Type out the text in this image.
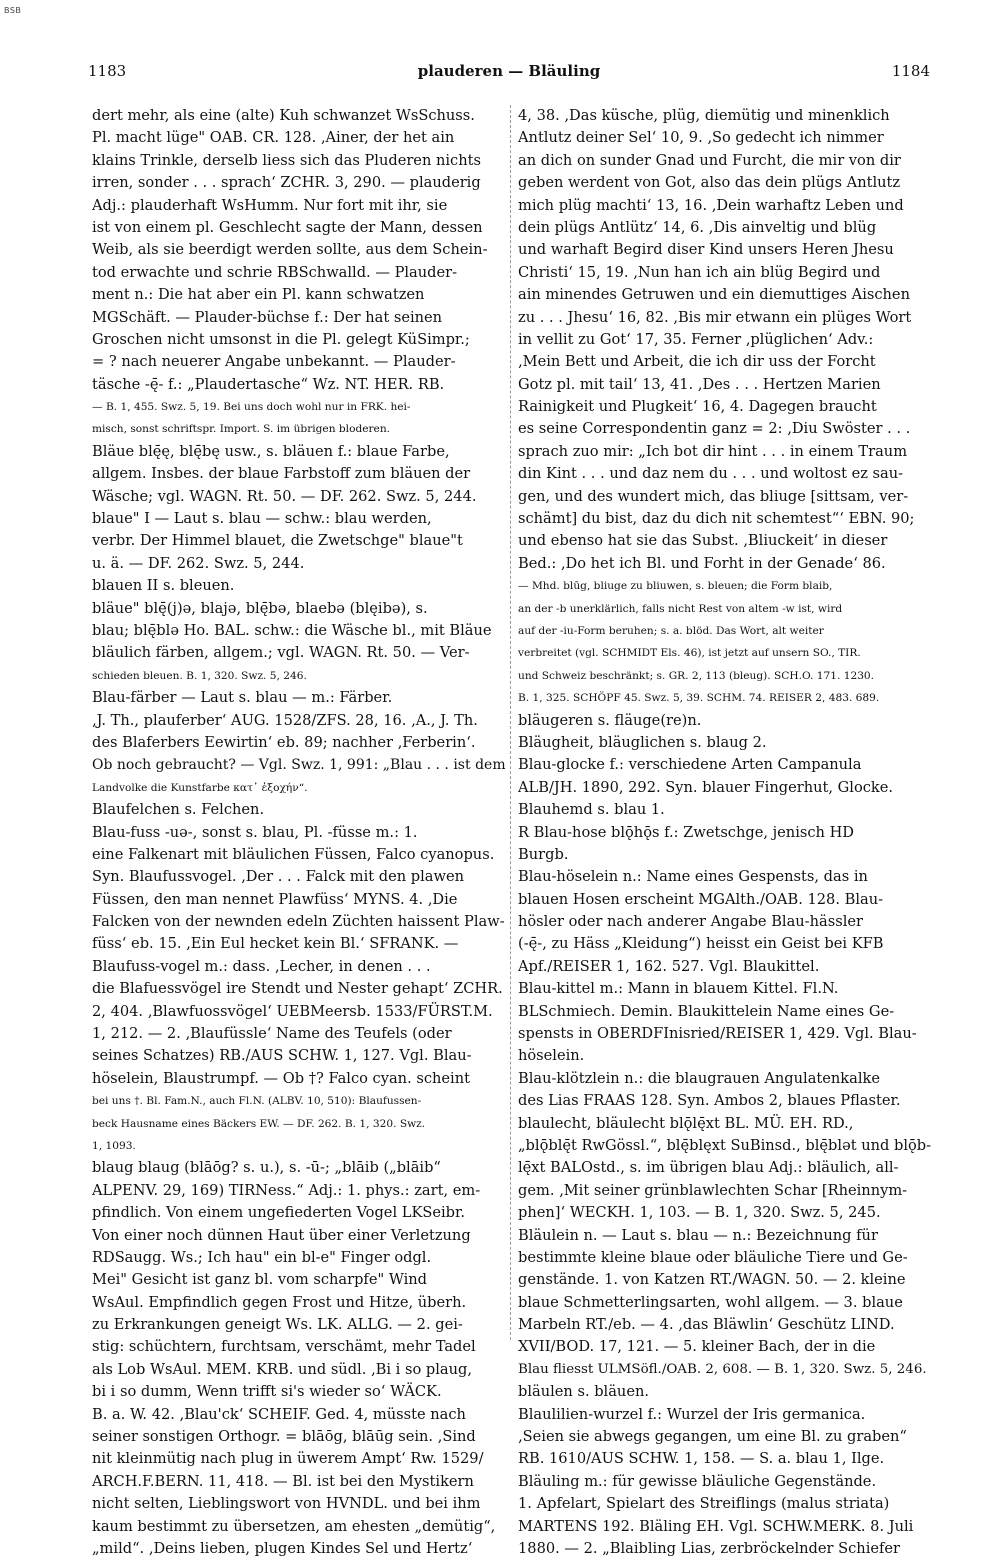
BSB
1183	plauderen — Bläuling	1184
dert mehr, als eine (alte) Kuh schwanzet WsSchuss.
Pl. macht lüge" OAB. CR. 128. ‚Ainer, der het ain
klains Trinkle, derselb liess sich das Pluderen nichts
irren, sonder . . . sprach‘ ZCHR. 3, 290. — plauderig
Adj.: plauderhaft WsHumm. Nur fort mit ihr, sie
ist von einem pl. Geschlecht sagte der Mann, dessen
Weib, als sie beerdigt werden sollte, aus dem Schein-
tod erwachte und schrie RBSchwalld. — Plauder-
ment n.: Die hat aber ein Pl. kann schwatzen
MGSchäft. — Plauder-büchse f.: Der hat seinen
Groschen nicht umsonst in die Pl. gelegt KüSimpr.;
= ? nach neuerer Angabe unbekannt. — Plauder-
täsche -ę̄- f.: „Plaudertasche“ Wz. NT. HER. RB.
— B. 1, 455. Swz. 5, 19. Bei uns doch wohl nur in FRK. hei-
misch, sonst schriftspr. Import. S. im übrigen bloderen.
Bläue blę̄ę, blę̄bę usw., s. bläuen f.: blaue Farbe,
allgem. Insbes. der blaue Farbstoff zum bläuen der
Wäsche; vgl. WAGN. Rt. 50. — DF. 262. Swz. 5, 244.
blaue" I — Laut s. blau — schw.: blau werden,
verbr. Der Himmel blauet, die Zwetschge" blaue"t
u. ä. — DF. 262. Swz. 5, 244.
blauen II s. bleuen.
bläue" blę̄(j)ə, blajə, blę̄bə, blaebə (blęibə), s.
blau; blę̄blə Ho. BAL. schw.: die Wäsche bl., mit Bläue
bläulich färben, allgem.; vgl. WAGN. Rt. 50. — Ver-
schieden bleuen. B. 1, 320. Swz. 5, 246.
Blau-färber — Laut s. blau — m.: Färber.
‚J. Th., plauferber‘ AUG. 1528/ZFS. 28, 16. ‚A., J. Th.
des Blaferbers Eewirtin‘ eb. 89; nachher ‚Ferberin‘.
Ob noch gebraucht? — Vgl. Swz. 1, 991: „Blau . . . ist dem
Landvolke die Kunstfarbe κατ᾽ ἐξοχήν“.
Blaufelchen s. Felchen.
Blau-fuss -uə-, sonst s. blau, Pl. -füsse m.: 1.
eine Falkenart mit bläulichen Füssen, Falco cyanopus.
Syn. Blaufussvogel. ‚Der . . . Falck mit den plawen
Füssen, den man nennet Plawfüss‘ MYNS. 4. ‚Die
Falcken von der newnden edeln Züchten haissent Plaw-
füss‘ eb. 15. ‚Ein Eul hecket kein Bl.‘ SFRANK. —
Blaufuss-vogel m.: dass. ‚Lecher, in denen . . .
die Blafuessvögel ire Stendt und Nester gehapt‘ ZCHR.
2, 404. ‚Blawfuossvögel‘ UEBMeersb. 1533/FÜRST.M.
1, 212. — 2. ‚Blaufüssle‘ Name des Teufels (oder
seines Schatzes) RB./AUS SCHW. 1, 127. Vgl. Blau-
höselein, Blaustrumpf. — Ob †? Falco cyan. scheint
bei uns †. Bl. Fam.N., auch Fl.N. (ALBV. 10, 510): Blaufussen-
beck Hausname eines Bäckers EW. — DF. 262. B. 1, 320. Swz.
1, 1093.
blaug blaug (blāōg? s. u.), s. -ū-; „blāib („blāib“
ALPENV. 29, 169) TIRNess.“ Adj.: 1. phys.: zart, em-
pfindlich. Von einem ungefiederten Vogel LKSeibr.
Von einer noch dünnen Haut über einer Verletzung
RDSaugg. Ws.; Ich hau" ein bl-e" Finger odgl.
Mei" Gesicht ist ganz bl. vom scharpfe" Wind
WsAul. Empfindlich gegen Frost und Hitze, überh.
zu Erkrankungen geneigt Ws. LK. ALLG. — 2. gei-
stig: schüchtern, furchtsam, verschämt, mehr Tadel
als Lob WsAul. MEM. KRB. und südl. ‚Bi i so plaug,
bi i so dumm, Wenn trifft si's wieder so‘ WÄCK.
B. a. W. 42. ‚Blau'ck‘ SCHEIF. Ged. 4, müsste nach
seiner sonstigen Orthogr. = blāōg, blāūg sein. ‚Sind
nit kleinmütig nach plug in üwerem Ampt‘ Rw. 1529/
ARCH.F.BERN. 11, 418. — Bl. ist bei den Mystikern
nicht selten, Lieblingswort von HVNDL. und bei ihm
kaum bestimmt zu übersetzen, am ehesten „demütig“,
„mild“. ‚Deins lieben, plugen Kindes Sel und Hertz‘
4, 38. ‚Das küsche, plüg, diemütig und minenklich
Antlutz deiner Sel‘ 10, 9. ‚So gedecht ich nimmer
an dich on sunder Gnad und Furcht, die mir von dir
geben werdent von Got, also das dein plügs Antlutz
mich plüg machti‘ 13, 16. ‚Dein warhaftz Leben und
dein plügs Antlütz‘ 14, 6. ‚Dis ainveltig und blüg
und warhaft Begird diser Kind unsers Heren Jhesu
Christi‘ 15, 19. ‚Nun han ich ain blüg Begird und
ain minendes Getruwen und ein diemuttiges Aischen
zu . . . Jhesu‘ 16, 82. ‚Bis mir etwann ein plüges Wort
in vellit zu Got‘ 17, 35. Ferner ‚plüglichen‘ Adv.:
‚Mein Bett und Arbeit, die ich dir uss der Forcht
Gotz pl. mit tail‘ 13, 41. ‚Des . . . Hertzen Marien
Rainigkeit und Plugkeit‘ 16, 4. Dagegen braucht
es seine Correspondentin ganz = 2: ‚Diu Swöster . . .
sprach zuo mir: „Ich bot dir hint . . . in einem Traum
din Kint . . . und daz nem du . . . und woltost ez sau-
gen, und des wundert mich, das bliuge [sittsam, ver-
schämt] du bist, daz du dich nit schemtest“‘ EBN. 90;
und ebenso hat sie das Subst. ‚Bliuckeit‘ in dieser
Bed.: ‚Do het ich Bl. und Forht in der Genade‘ 86.
— Mhd. blūg, bliuge zu bliuwen, s. bleuen; die Form blaib,
an der -b unerklärlich, falls nicht Rest von altem -w ist, wird
auf der -iu-Form beruhen; s. a. blöd. Das Wort, alt weiter
verbreitet (vgl. SCHMIDT Els. 46), ist jetzt auf unsern SO., TIR.
und Schweiz beschränkt; s. GR. 2, 113 (bleug). SCH.O. 171. 1230.
B. 1, 325. SCHÖPF 45. Swz. 5, 39. SCHM. 74. REISER 2, 483. 689.
bläugeren s. fläuge(re)n.
Bläugheit, bläuglichen s. blaug 2.
Blau-glocke f.: verschiedene Arten Campanula
ALB/JH. 1890, 292. Syn. blauer Fingerhut, Glocke.
Blauhemd s. blau 1.
R Blau-hose blǭhǭs f.: Zwetschge, jenisch HD
Burgb.
Blau-höselein n.: Name eines Gespensts, das in
blauen Hosen erscheint MGAlth./OAB. 128. Blau-
hösler oder nach anderer Angabe Blau-hässler
(-ę̄-, zu Häss „Kleidung“) heisst ein Geist bei KFB
Apf./REISER 1, 162. 527. Vgl. Blaukittel.
Blau-kittel m.: Mann in blauem Kittel. Fl.N.
BLSchmiech. Demin. Blaukittelein Name eines Ge-
spensts in OBERDFInisried/REISER 1, 429. Vgl. Blau-
höselein.
Blau-klötzlein n.: die blaugrauen Angulatenkalke
des Lias FRAAS 128. Syn. Ambos 2, blaues Pflaster.
blaulecht, bläulecht blǭlę̄xt BL. MÜ. EH. RD.,
„blǭblę̄t RwGössl.“, blę̄blęxt SuBinsd., blę̄blət und blǭb-
lę̄xt BALOstd., s. im übrigen blau Adj.: bläulich, all-
gem. ‚Mit seiner grünblawlechten Schar [Rheinnym-
phen]‘ WECKH. 1, 103. — B. 1, 320. Swz. 5, 245.
Bläulein n. — Laut s. blau — n.: Bezeichnung für
bestimmte kleine blaue oder bläuliche Tiere und Ge-
genstände. 1. von Katzen RT./WAGN. 50. — 2. kleine
blaue Schmetterlingsarten, wohl allgem. — 3. blaue
Marbeln RT./eb. — 4. ‚das Bläwlin‘ Geschütz LIND.
XVII/BOD. 17, 121. — 5. kleiner Bach, der in die
Blau fliesst ULMSöfl./OAB. 2, 608. — B. 1, 320. Swz. 5, 246.
bläulen s. bläuen.
Blaulilien-wurzel f.: Wurzel der Iris germanica.
‚Seien sie abwegs gegangen, um eine Bl. zu graben“
RB. 1610/AUS SCHW. 1, 158. — S. a. blau 1, Ilge.
Bläuling m.: für gewisse bläuliche Gegenstände.
1. Apfelart, Spielart des Streiflings (malus striata)
MARTENS 192. Bläling EH. Vgl. SCHW.MERK. 8. Juli
1880. — 2. „Blaibling Lias, zerbröckelnder Schiefer
